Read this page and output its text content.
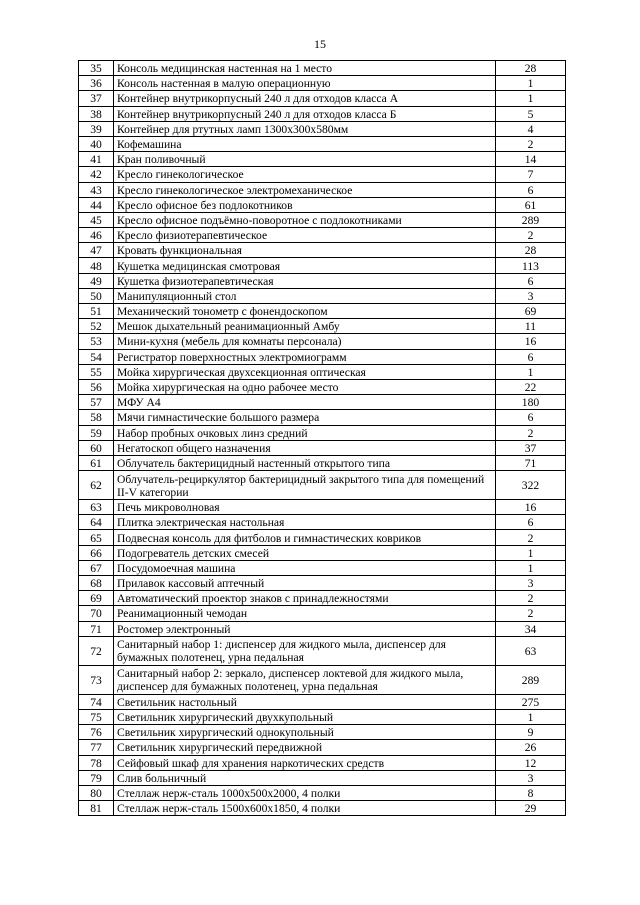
15
35	Консоль медицинская настенная на 1 место	28
36	Консоль настенная в малую операционную	1
37	Контейнер внутрикорпусный 240 л для отходов класса А	1
38	Контейнер внутрикорпусный 240 л для отходов класса Б	5
39	Контейнер для ртутных ламп 1300х300х580мм	4
40	Кофемашина	2
41	Кран поливочный	14
42	Кресло гинекологическое	7
43	Кресло гинекологическое электромеханическое	6
44	Кресло офисное без подлокотников	61
45	Кресло офисное подъёмно-поворотное с подлокотниками	289
46	Кресло физиотерапевтическое	2
47	Кровать функциональная	28
48	Кушетка медицинская смотровая	113
49	Кушетка физиотерапевтическая	6
50	Манипуляционный стол	3
51	Механический тонометр с фонендоскопом	69
52	Мешок дыхательный реанимационный Амбу	11
53	Мини-кухня (мебель для комнаты персонала)	16
54	Регистратор поверхностных электромиограмм	6
55	Мойка хирургическая двухсекционная оптическая	1
56	Мойка хирургическая на одно рабочее место	22
57	МФУ А4	180
58	Мячи гимнастические большого размера	6
59	Набор пробных очковых линз средний	2
60	Негатоскоп общего назначения	37
61	Облучатель бактерицидный настенный открытого типа	71
62	Облучатель-рециркулятор бактерицидный закрытого типа для помещений II-V категории	322
63	Печь микроволновая	16
64	Плитка электрическая настольная	6
65	Подвесная консоль для фитболов и гимнастических ковриков	2
66	Подогреватель детских смесей	1
67	Посудомоечная машина	1
68	Прилавок кассовый аптечный	3
69	Автоматический проектор знаков с принадлежностями	2
70	Реанимационный чемодан	2
71	Ростомер электронный	34
72	Санитарный набор 1: диспенсер для жидкого мыла, диспенсер для бумажных полотенец, урна педальная	63
73	Санитарный набор 2: зеркало, диспенсер локтевой для жидкого мыла, диспенсер для бумажных полотенец, урна педальная	289
74	Светильник настольный	275
75	Светильник хирургический двухкупольный	1
76	Светильник хирургический однокупольный	9
77	Светильник хирургический передвижной	26
78	Сейфовый шкаф для хранения наркотических средств	12
79	Слив больничный	3
80	Стеллаж нерж-сталь 1000х500х2000, 4 полки	8
81	Стеллаж нерж-сталь 1500х600х1850, 4 полки	29
